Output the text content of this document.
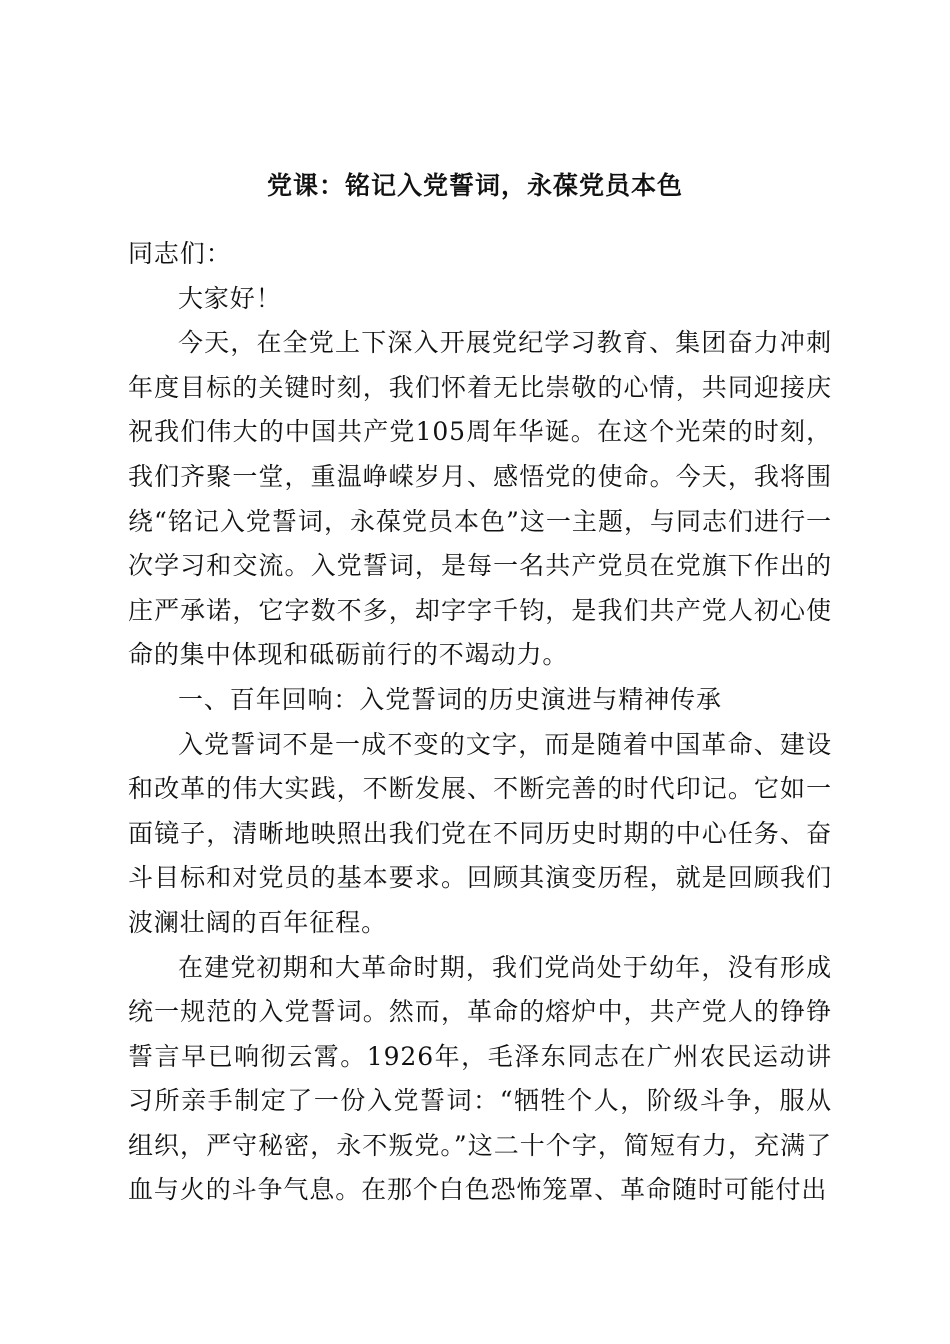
党课：铭记入党誓词，永葆党员本色

同志们：

大家好！

今天，在全党上下深入开展党纪学习教育、集团奋力冲刺年度目标的关键时刻，我们怀着无比崇敬的心情，共同迎接庆祝我们伟大的中国共产党105周年华诞。在这个光荣的时刻，我们齐聚一堂，重温峥嵘岁月、感悟党的使命。今天，我将围绕“铭记入党誓词，永葆党员本色”这一主题，与同志们进行一次学习和交流。入党誓词，是每一名共产党员在党旗下作出的庄严承诺，它字数不多，却字字千钧，是我们共产党人初心使命的集中体现和砥砺前行的不竭动力。

一、百年回响：入党誓词的历史演进与精神传承

入党誓词不是一成不变的文字，而是随着中国革命、建设和改革的伟大实践，不断发展、不断完善的时代印记。它如一面镜子，清晰地映照出我们党在不同历史时期的中心任务、奋斗目标和对党员的基本要求。回顾其演变历程，就是回顾我们波澜壮阔的百年征程。

在建党初期和大革命时期，我们党尚处于幼年，没有形成统一规范的入党誓词。然而，革命的熔炉中，共产党人的铮铮誓言早已响彻云霄。1926年，毛泽东同志在广州农民运动讲习所亲手制定了一份入党誓词：“牺牲个人，阶级斗争，服从组织，严守秘密，永不叛党。”这二十个字，简短有力，充满了血与火的斗争气息。在那个白色恐怖笼罩、革命随时可能付出
